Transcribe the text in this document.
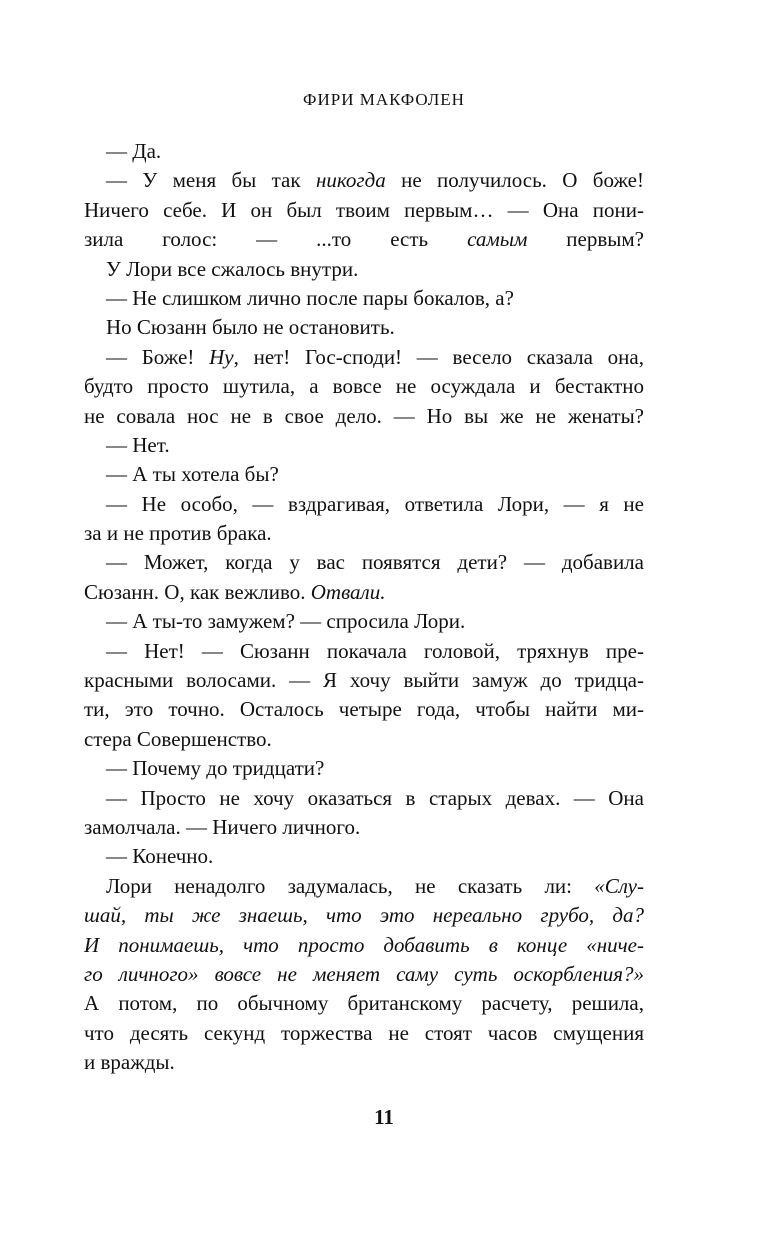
ФИРИ МАКФОЛЕН
— Да.
— У меня бы так никогда не получилось. О боже!
Ничего себе. И он был твоим первым… — Она пони-
зила голос: — ...то есть самым первым?
У Лори все сжалось внутри.
— Не слишком лично после пары бокалов, а?
Но Сюзанн было не остановить.
— Боже! Ну, нет! Гос-споди! — весело сказала она,
будто просто шутила, а вовсе не осуждала и бестактно
не совала нос не в свое дело. — Но вы же не женаты?
— Нет.
— А ты хотела бы?
— Не особо, — вздрагивая, ответила Лори, — я не
за и не против брака.
— Может, когда у вас появятся дети? — добавила
Сюзанн. О, как вежливо. Отвали.
— А ты-то замужем? — спросила Лори.
— Нет! — Сюзанн покачала головой, тряхнув пре-
красными волосами. — Я хочу выйти замуж до тридца-
ти, это точно. Осталось четыре года, чтобы найти ми-
стера Совершенство.
— Почему до тридцати?
— Просто не хочу оказаться в старых девах. — Она
замолчала. — Ничего личного.
— Конечно.
Лори ненадолго задумалась, не сказать ли: «Слу-
шай, ты же знаешь, что это нереально грубо, да?
И понимаешь, что просто добавить в конце «ниче-
го личного» вовсе не меняет саму суть оскорбления?»
А потом, по обычному британскому расчету, решила,
что десять секунд торжества не стоят часов смущения
и вражды.
11
